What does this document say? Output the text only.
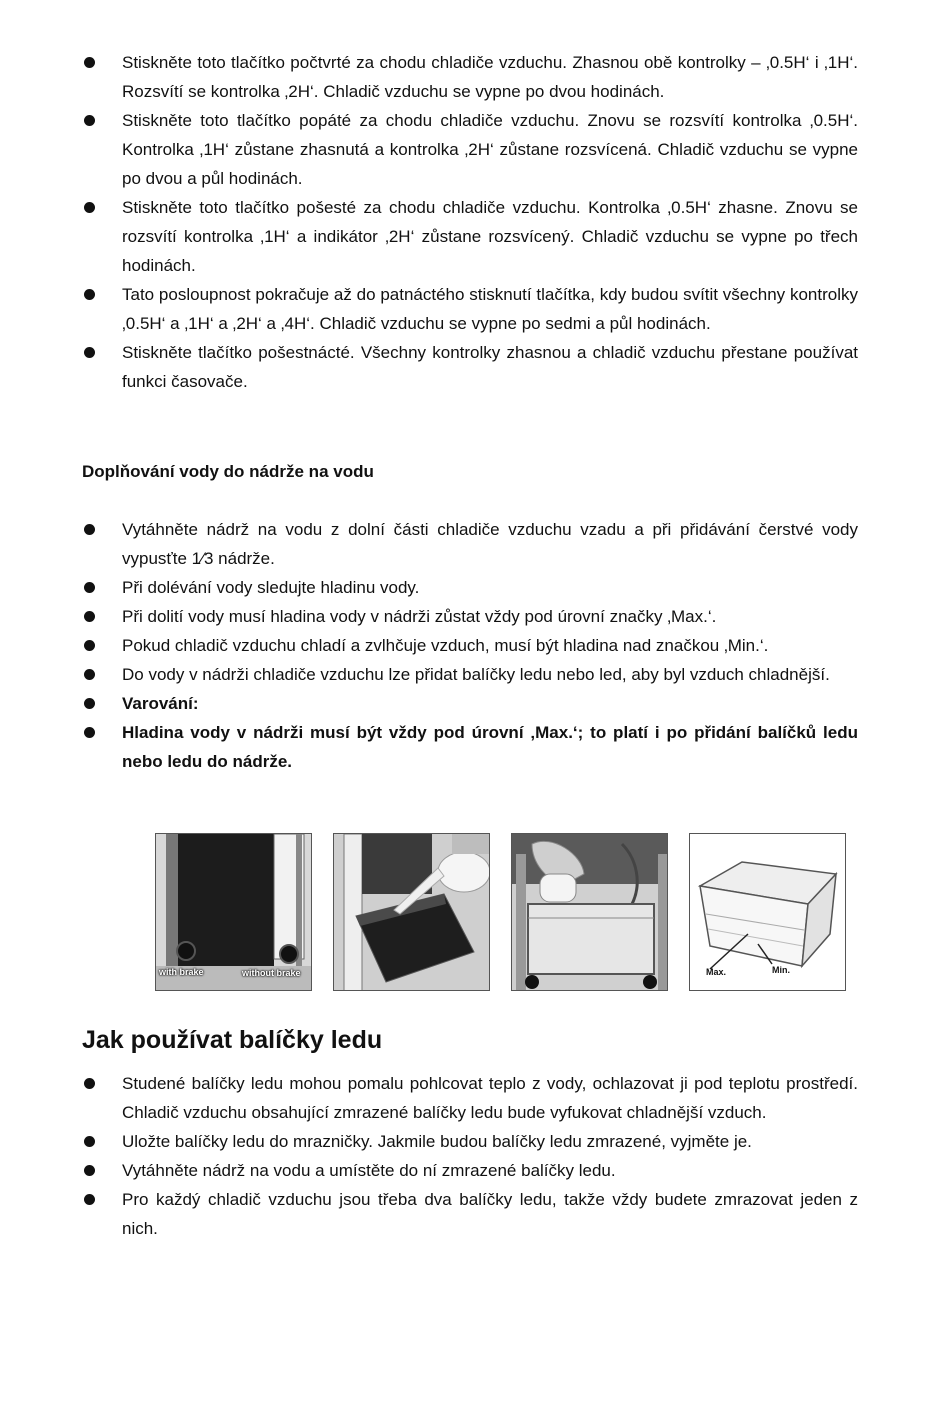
Stiskněte toto tlačítko počtvrté za chodu chladiče vzduchu. Zhasnou obě kontrolky – ‚0.5H‘ i ‚1H‘. Rozsvítí se kontrolka ‚2H‘. Chladič vzduchu se vypne po dvou hodinách.
Stiskněte toto tlačítko popáté za chodu chladiče vzduchu. Znovu se rozsvítí kontrolka ‚0.5H‘. Kontrolka ‚1H‘ zůstane zhasnutá a kontrolka ‚2H‘ zůstane rozsvícená. Chladič vzduchu se vypne po dvou a půl hodinách.
Stiskněte toto tlačítko pošesté za chodu chladiče vzduchu. Kontrolka ‚0.5H‘ zhasne. Znovu se rozsvítí kontrolka ‚1H‘ a indikátor ‚2H‘ zůstane rozsvícený. Chladič vzduchu se vypne po třech hodinách.
Tato posloupnost pokračuje až do patnáctého stisknutí tlačítka, kdy budou svítit všechny kontrolky ‚0.5H‘ a ‚1H‘ a ‚2H‘ a ‚4H‘. Chladič vzduchu se vypne po sedmi a půl hodinách.
Stiskněte tlačítko pošestnácté. Všechny kontrolky zhasnou a chladič vzduchu přestane používat funkci časovače.
Doplňování vody do nádrže na vodu
Vytáhněte nádrž na vodu z dolní části chladiče vzduchu vzadu a při přidávání čerstvé vody vypusťte 1⁄3 nádrže.
Při dolévání vody sledujte hladinu vody.
Při dolití vody musí hladina vody v nádrži zůstat vždy pod úrovní značky ‚Max.‘.
Pokud chladič vzduchu chladí a zvlhčuje vzduch, musí být hladina nad značkou ‚Min.‘.
Do vody v nádrži chladiče vzduchu lze přidat balíčky ledu nebo led, aby byl vzduch chladnější.
Varování:
Hladina vody v nádrži musí být vždy pod úrovní ‚Max.‘; to platí i po přidání balíčků ledu nebo ledu do nádrže.
with brake	without brake	Max.	Min.
Jak používat balíčky ledu
Studené balíčky ledu mohou pomalu pohlcovat teplo z vody, ochlazovat ji pod teplotu prostředí. Chladič vzduchu obsahující zmrazené balíčky ledu bude vyfukovat chladnější vzduch.
Uložte balíčky ledu do mrazničky. Jakmile budou balíčky ledu zmrazené, vyjměte je.
Vytáhněte nádrž na vodu a umístěte do ní zmrazené balíčky ledu.
Pro každý chladič vzduchu jsou třeba dva balíčky ledu, takže vždy budete zmrazovat jeden z nich.
